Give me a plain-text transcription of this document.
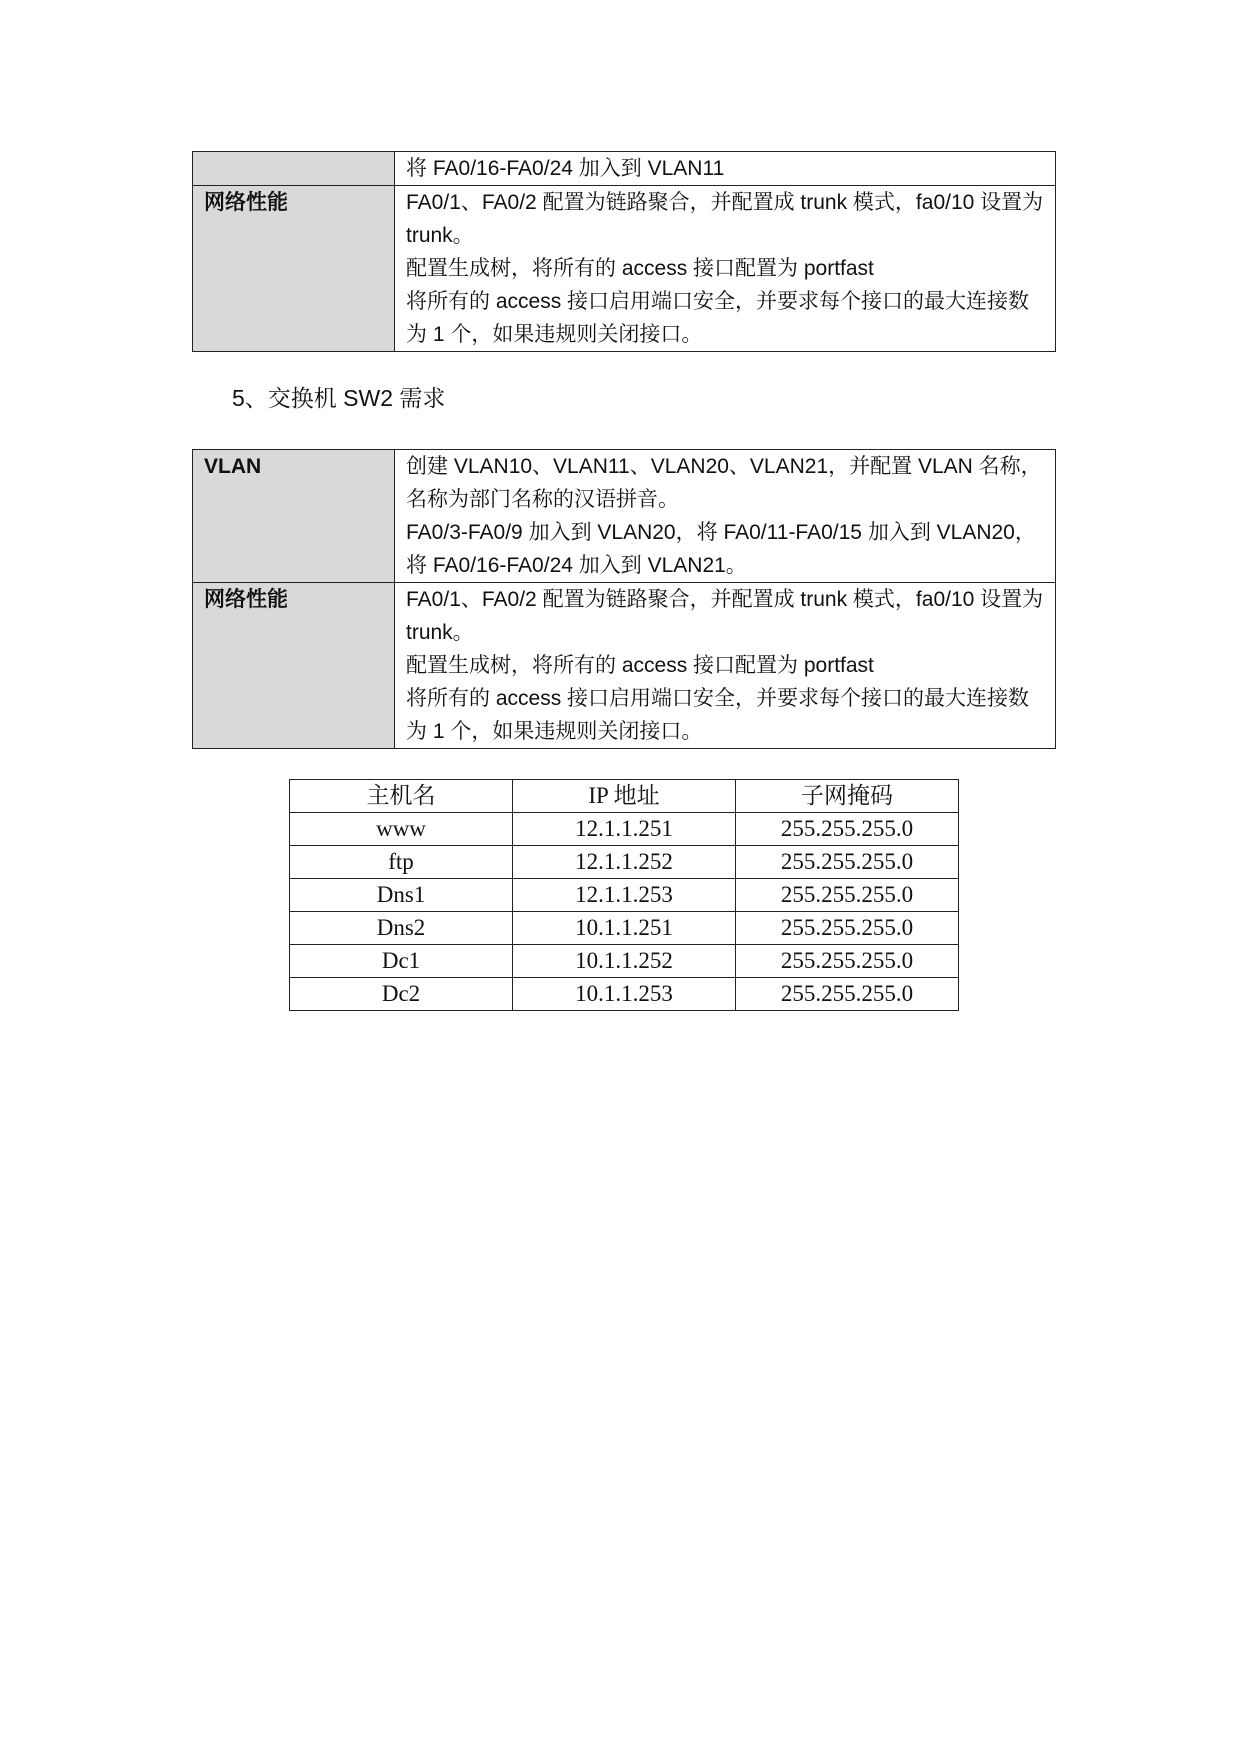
	将 FA0/16-FA0/24 加入到 VLAN11

网络性能	FA0/1、FA0/2 配置为链路聚合，并配置成 trunk 模式，fa0/10 设置为 trunk。

配置生成树，将所有的 access 接口配置为 portfast

将所有的 access 接口启用端口安全，并要求每个接口的最大连接数为 1 个，如果违规则关闭接口。

5、交换机 SW2 需求
VLAN	创建 VLAN10、VLAN11、VLAN20、VLAN21，并配置 VLAN 名称，名称为部门名称的汉语拼音。

FA0/3-FA0/9 加入到 VLAN20，将 FA0/11-FA0/15 加入到 VLAN20，将 FA0/16-FA0/24 加入到 VLAN21。

网络性能	FA0/1、FA0/2 配置为链路聚合，并配置成 trunk 模式，fa0/10 设置为 trunk。

配置生成树，将所有的 access 接口配置为 portfast

将所有的 access 接口启用端口安全，并要求每个接口的最大连接数为 1 个，如果违规则关闭接口。

主机名	IP 地址	子网掩码
www	12.1.1.251	255.255.255.0
ftp	12.1.1.252	255.255.255.0
Dns1	12.1.1.253	255.255.255.0
Dns2	10.1.1.251	255.255.255.0
Dc1	10.1.1.252	255.255.255.0
Dc2	10.1.1.253	255.255.255.0
